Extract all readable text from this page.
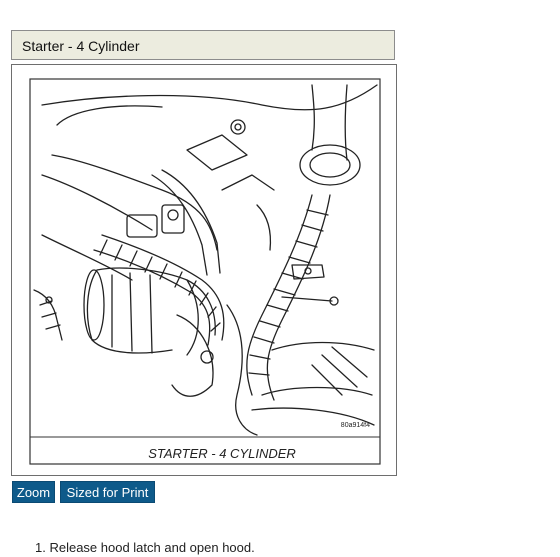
Starter - 4 Cylinder
80a914f4
STARTER - 4 CYLINDER
Zoom	Sized for Print
1. Release hood latch and open hood.
